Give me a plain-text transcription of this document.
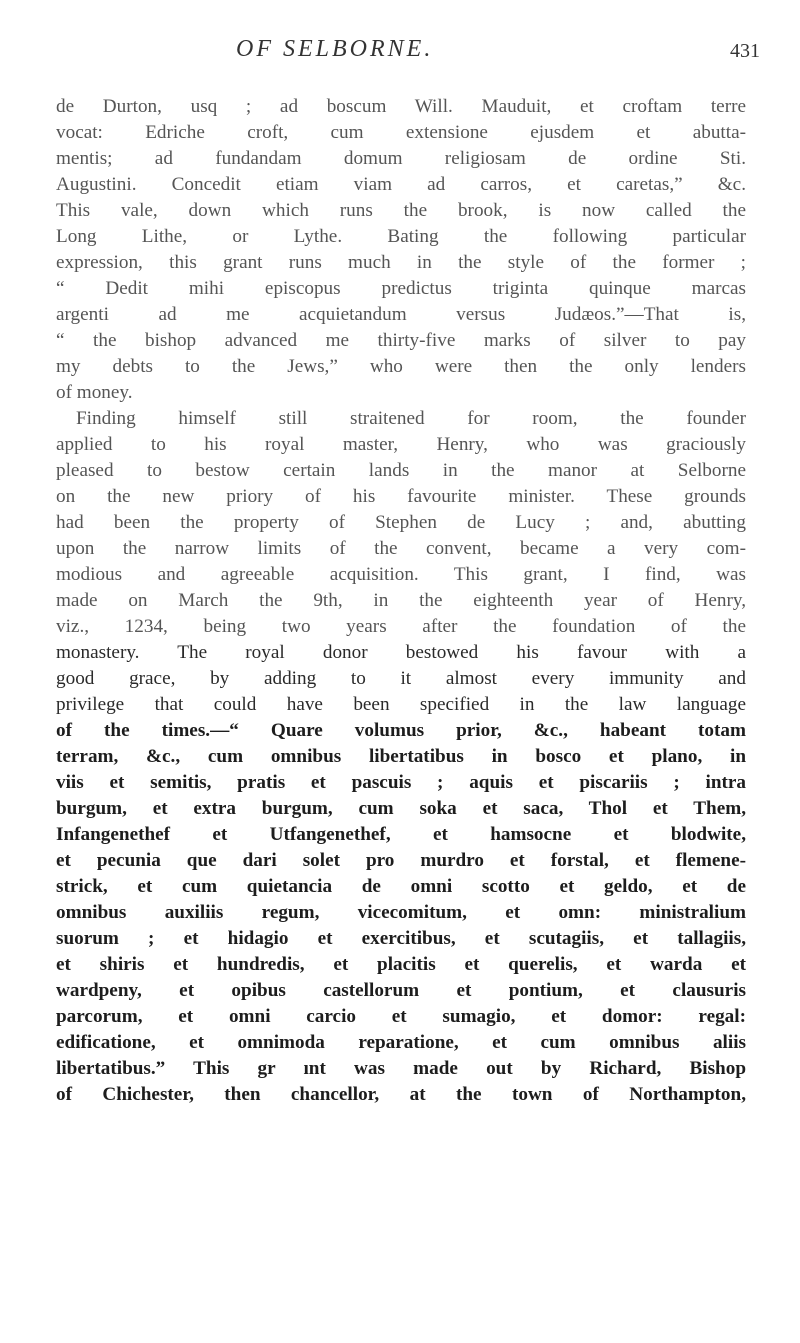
OF SELBORNE.	431
de Durton, usq ; ad boscum Will. Mauduit, et croftam terre
vocat: Edriche croft, cum extensione ejusdem et abutta-
mentis; ad fundandam domum religiosam de ordine Sti.
Augustini. Concedit etiam viam ad carros, et caretas,” &c.
This vale, down which runs the brook, is now called the
Long Lithe, or Lythe. Bating the following particular
expression, this grant runs much in the style of the former ;
“ Dedit mihi episcopus predictus triginta quinque marcas
argenti ad me acquietandum versus Judæos.”—That is,
“ the bishop advanced me thirty-five marks of silver to pay
my debts to the Jews,” who were then the only lenders
of money.
Finding himself still straitened for room, the founder
applied to his royal master, Henry, who was graciously
pleased to bestow certain lands in the manor at Selborne
on the new priory of his favourite minister. These grounds
had been the property of Stephen de Lucy ; and, abutting
upon the narrow limits of the convent, became a very com-
modious and agreeable acquisition. This grant, I find, was
made on March the 9th, in the eighteenth year of Henry,
viz., 1234, being two years after the foundation of the
monastery. The royal donor bestowed his favour with a
good grace, by adding to it almost every immunity and
privilege that could have been specified in the law language
of the times.—“ Quare volumus prior, &c., habeant totam
terram, &c., cum omnibus libertatibus in bosco et plano, in
viis et semitis, pratis et pascuis ; aquis et piscariis ; intra
burgum, et extra burgum, cum soka et saca, Thol et Them,
Infangenethef et Utfangenethef, et hamsocne et blodwite,
et pecunia que dari solet pro murdro et forstal, et flemene-
strick, et cum quietancia de omni scotto et geldo, et de
omnibus auxiliis regum, vicecomitum, et omn: ministralium
suorum ; et hidagio et exercitibus, et scutagiis, et tallagiis,
et shiris et hundredis, et placitis et querelis, et warda et
wardpeny, et opibus castellorum et pontium, et clausuris
parcorum, et omni carcio et sumagio, et domor: regal:
edificatione, et omnimoda reparatione, et cum omnibus aliis
libertatibus.” This gr ınt was made out by Richard, Bishop
of Chichester, then chancellor, at the town of Northampton,
